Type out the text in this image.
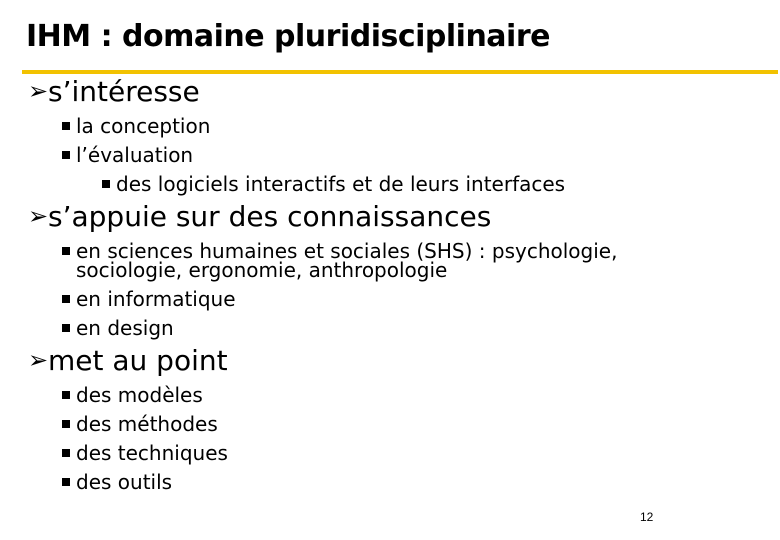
IHM : domaine pluridisciplinaire
➢s’intéresse
la conception
l’évaluation
des logiciels interactifs et de leurs interfaces
➢s’appuie sur des connaissances
en sciences humaines et sociales (SHS) : psychologie,
sociologie, ergonomie, anthropologie
en informatique
en design
➢met au point
des modèles
des méthodes
des techniques
des outils
12
